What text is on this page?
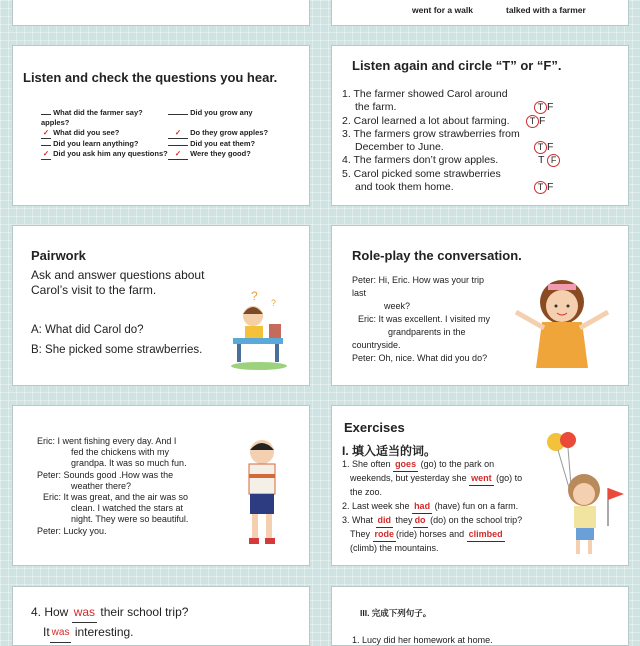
went for a walk	talked with a farmer
Listen and check the questions you hear.
What did the farmer say?
apples?
✓ What did you see?
Did you learn anything?
✓ Did you ask him any questions?
Did you grow any

✓ Do they grow apples?
Did you eat them?
✓ Were they good?
Listen again and circle “T” or “F”.
1. The farmer showed Carol around
the farm.	T F
2. Carol learned a lot about farming.	T F
3. The farmers grow strawberries from
December to June.	T F
4. The farmers don’t grow apples.	T F
5. Carol picked some strawberries
and took them home.	T F
Pairwork
Ask and answer questions about
Carol’s visit to the farm.
A: What did Carol do?
B: She picked some strawberries.
? ?
Role-play the conversation.
Peter: Hi, Eric. How was your trip
last
week?
Eric: It was excellent. I visited my
grandparents in the
countryside.
Peter: Oh, nice. What did you do?
Eric: I went fishing every day. And I
fed the chickens with my
grandpa. It was so much fun.
Peter: Sounds good .How was the
weather there?
Eric: It was great, and the air was so
clean. I watched the stars at
night. They were so beautiful.
Peter: Lucky you.
Exercises
I. 填入适当的词。
1. She often goes (go) to the park on
weekends, but yesterday she went (go) to
the zoo.
2. Last week she had (have) fun on a farm.
3. What did they do (do) on the school trip?
They rode (ride) horses and climbed
(climb) the mountains.
4. How was their school trip?
It was interesting.
III. 完成下列句子。
1. Lucy did her homework at home.
